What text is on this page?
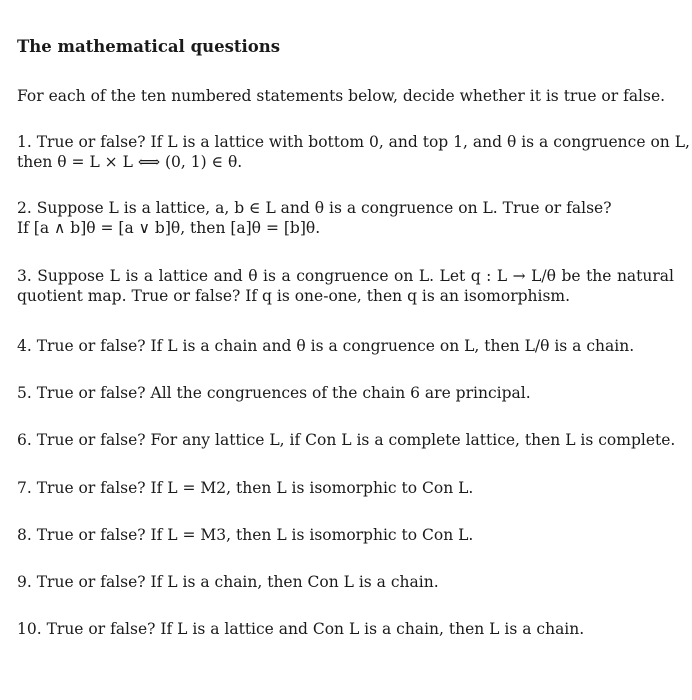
The mathematical questions

For each of the ten numbered statements below, decide whether it is true or false.

1. True or false? If L is a lattice with bottom 0, and top 1, and θ is a congruence on L,
then θ = L × L ⟺ (0, 1) ∈ θ.

2. Suppose L is a lattice, a, b ∈ L and θ is a congruence on L. True or false?
If [a ∧ b]θ = [a ∨ b]θ, then [a]θ = [b]θ.

3. Suppose L is a lattice and θ is a congruence on L. Let q : L → L/θ be the natural
quotient map. True or false? If q is one-one, then q is an isomorphism.

4. True or false? If L is a chain and θ is a congruence on L, then L/θ is a chain.

5. True or false? All the congruences of the chain 6 are principal.

6. True or false? For any lattice L, if Con L is a complete lattice, then L is complete.

7. True or false? If L = M2, then L is isomorphic to Con L.

8. True or false? If L = M3, then L is isomorphic to Con L.

9. True or false? If L is a chain, then Con L is a chain.

10. True or false? If L is a lattice and Con L is a chain, then L is a chain.
